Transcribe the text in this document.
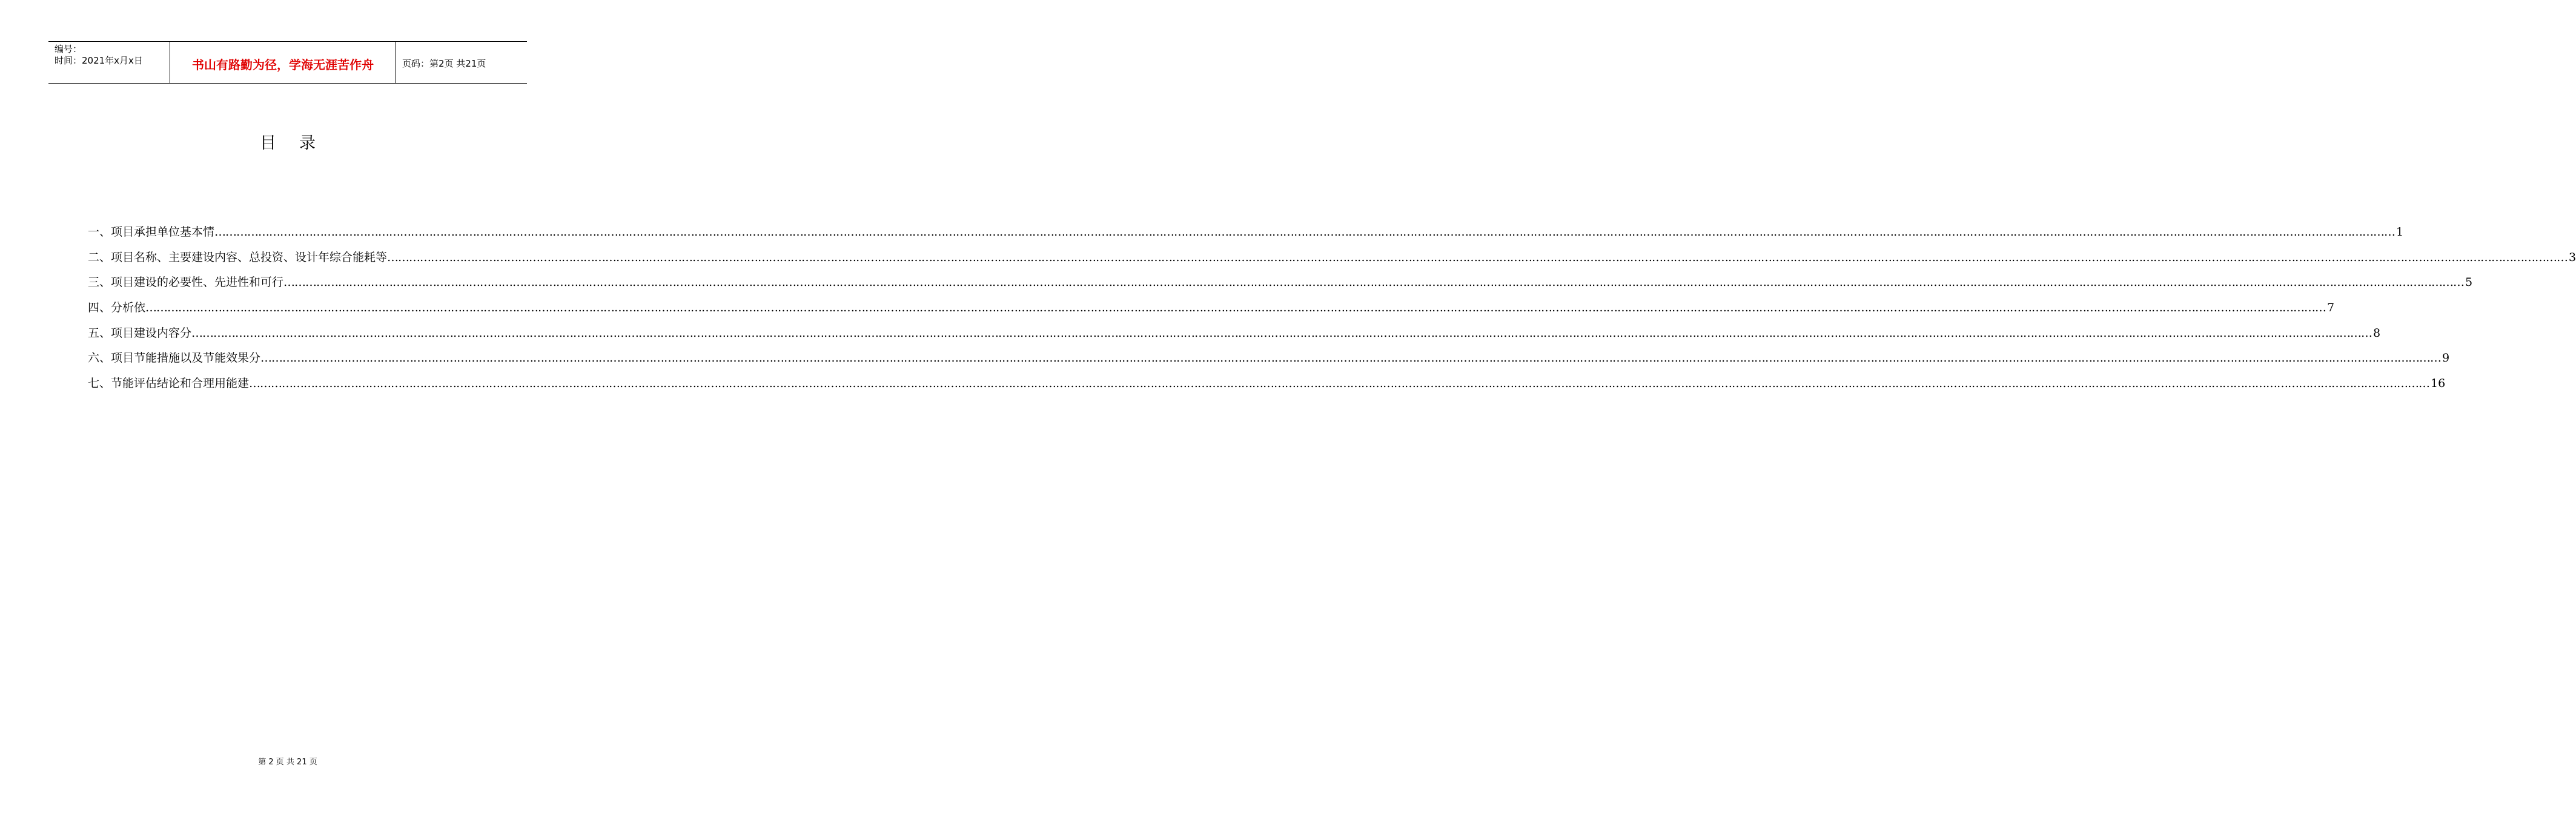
编号：
时间：2021年x月x日	书山有路勤为径，学海无涯苦作舟	页码：第2页 共21页
目录
一、项目承担单位基本情 …………………………………………………………………………………………………………………………………………………………………………………………………………………………………………………………………………………………………………………………………………………………………………………………………………………………………………………………………………………………………………………………………………………… 1
二、项目名称、主要建设内容、总投资、设计年综合能耗等 …………………………………………………………………………………………………………………………………………………………………………………………………………………………………………………………………………………………………………………………………………………………………………………………………………………………………………………………………………………………………………………………………………………… 3
三、项目建设的必要性、先进性和可行 …………………………………………………………………………………………………………………………………………………………………………………………………………………………………………………………………………………………………………………………………………………………………………………………………………………………………………………………………………………………………………………………………………………… 5
四、分析依 …………………………………………………………………………………………………………………………………………………………………………………………………………………………………………………………………………………………………………………………………………………………………………………………………………………………………………………………………………………………………………………………………………………… 7
五、项目建设内容分 …………………………………………………………………………………………………………………………………………………………………………………………………………………………………………………………………………………………………………………………………………………………………………………………………………………………………………………………………………………………………………………………………………………… 8
六、项目节能措施以及节能效果分 …………………………………………………………………………………………………………………………………………………………………………………………………………………………………………………………………………………………………………………………………………………………………………………………………………………………………………………………………………………………………………………………………………………… 9
七、节能评估结论和合理用能建 …………………………………………………………………………………………………………………………………………………………………………………………………………………………………………………………………………………………………………………………………………………………………………………………………………………………………………………………………………………………………………………………………………………… 16
第 2 页 共 21 页
